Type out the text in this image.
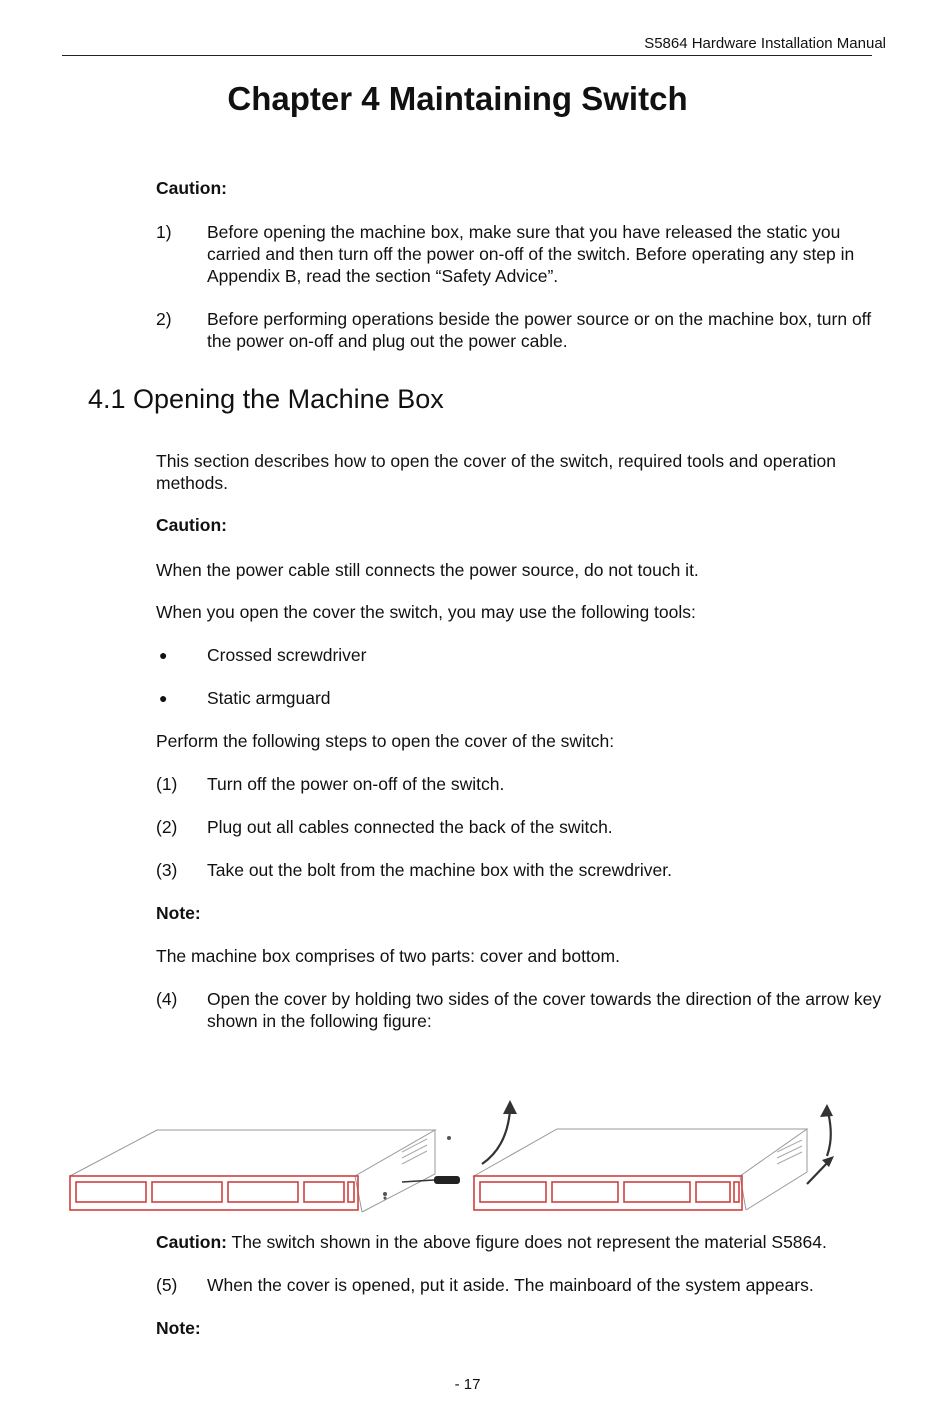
S5864 Hardware Installation Manual
Chapter 4 Maintaining Switch
Caution:
1) Before opening the machine box, make sure that you have released the static you carried and then turn off the power on-off of the switch. Before operating any step in Appendix B, read the section “Safety Advice”.
2) Before performing operations beside the power source or on the machine box, turn off the power on-off and plug out the power cable.
4.1 Opening the Machine Box
This section describes how to open the cover of the switch, required tools and operation methods.
Caution:
When the power cable still connects the power source, do not touch it.
When you open the cover the switch, you may use the following tools:
● Crossed screwdriver
● Static armguard
Perform the following steps to open the cover of the switch:
(1) Turn off the power on-off of the switch.
(2) Plug out all cables connected the back of the switch.
(3) Take out the bolt from the machine box with the screwdriver.
Note:
The machine box comprises of two parts: cover and bottom.
(4) Open the cover by holding two sides of the cover towards the direction of the arrow key shown in the following figure:
Caution: The switch shown in the above figure does not represent the material S5864.
(5) When the cover is opened, put it aside. The mainboard of the system appears.
Note:
- 17
